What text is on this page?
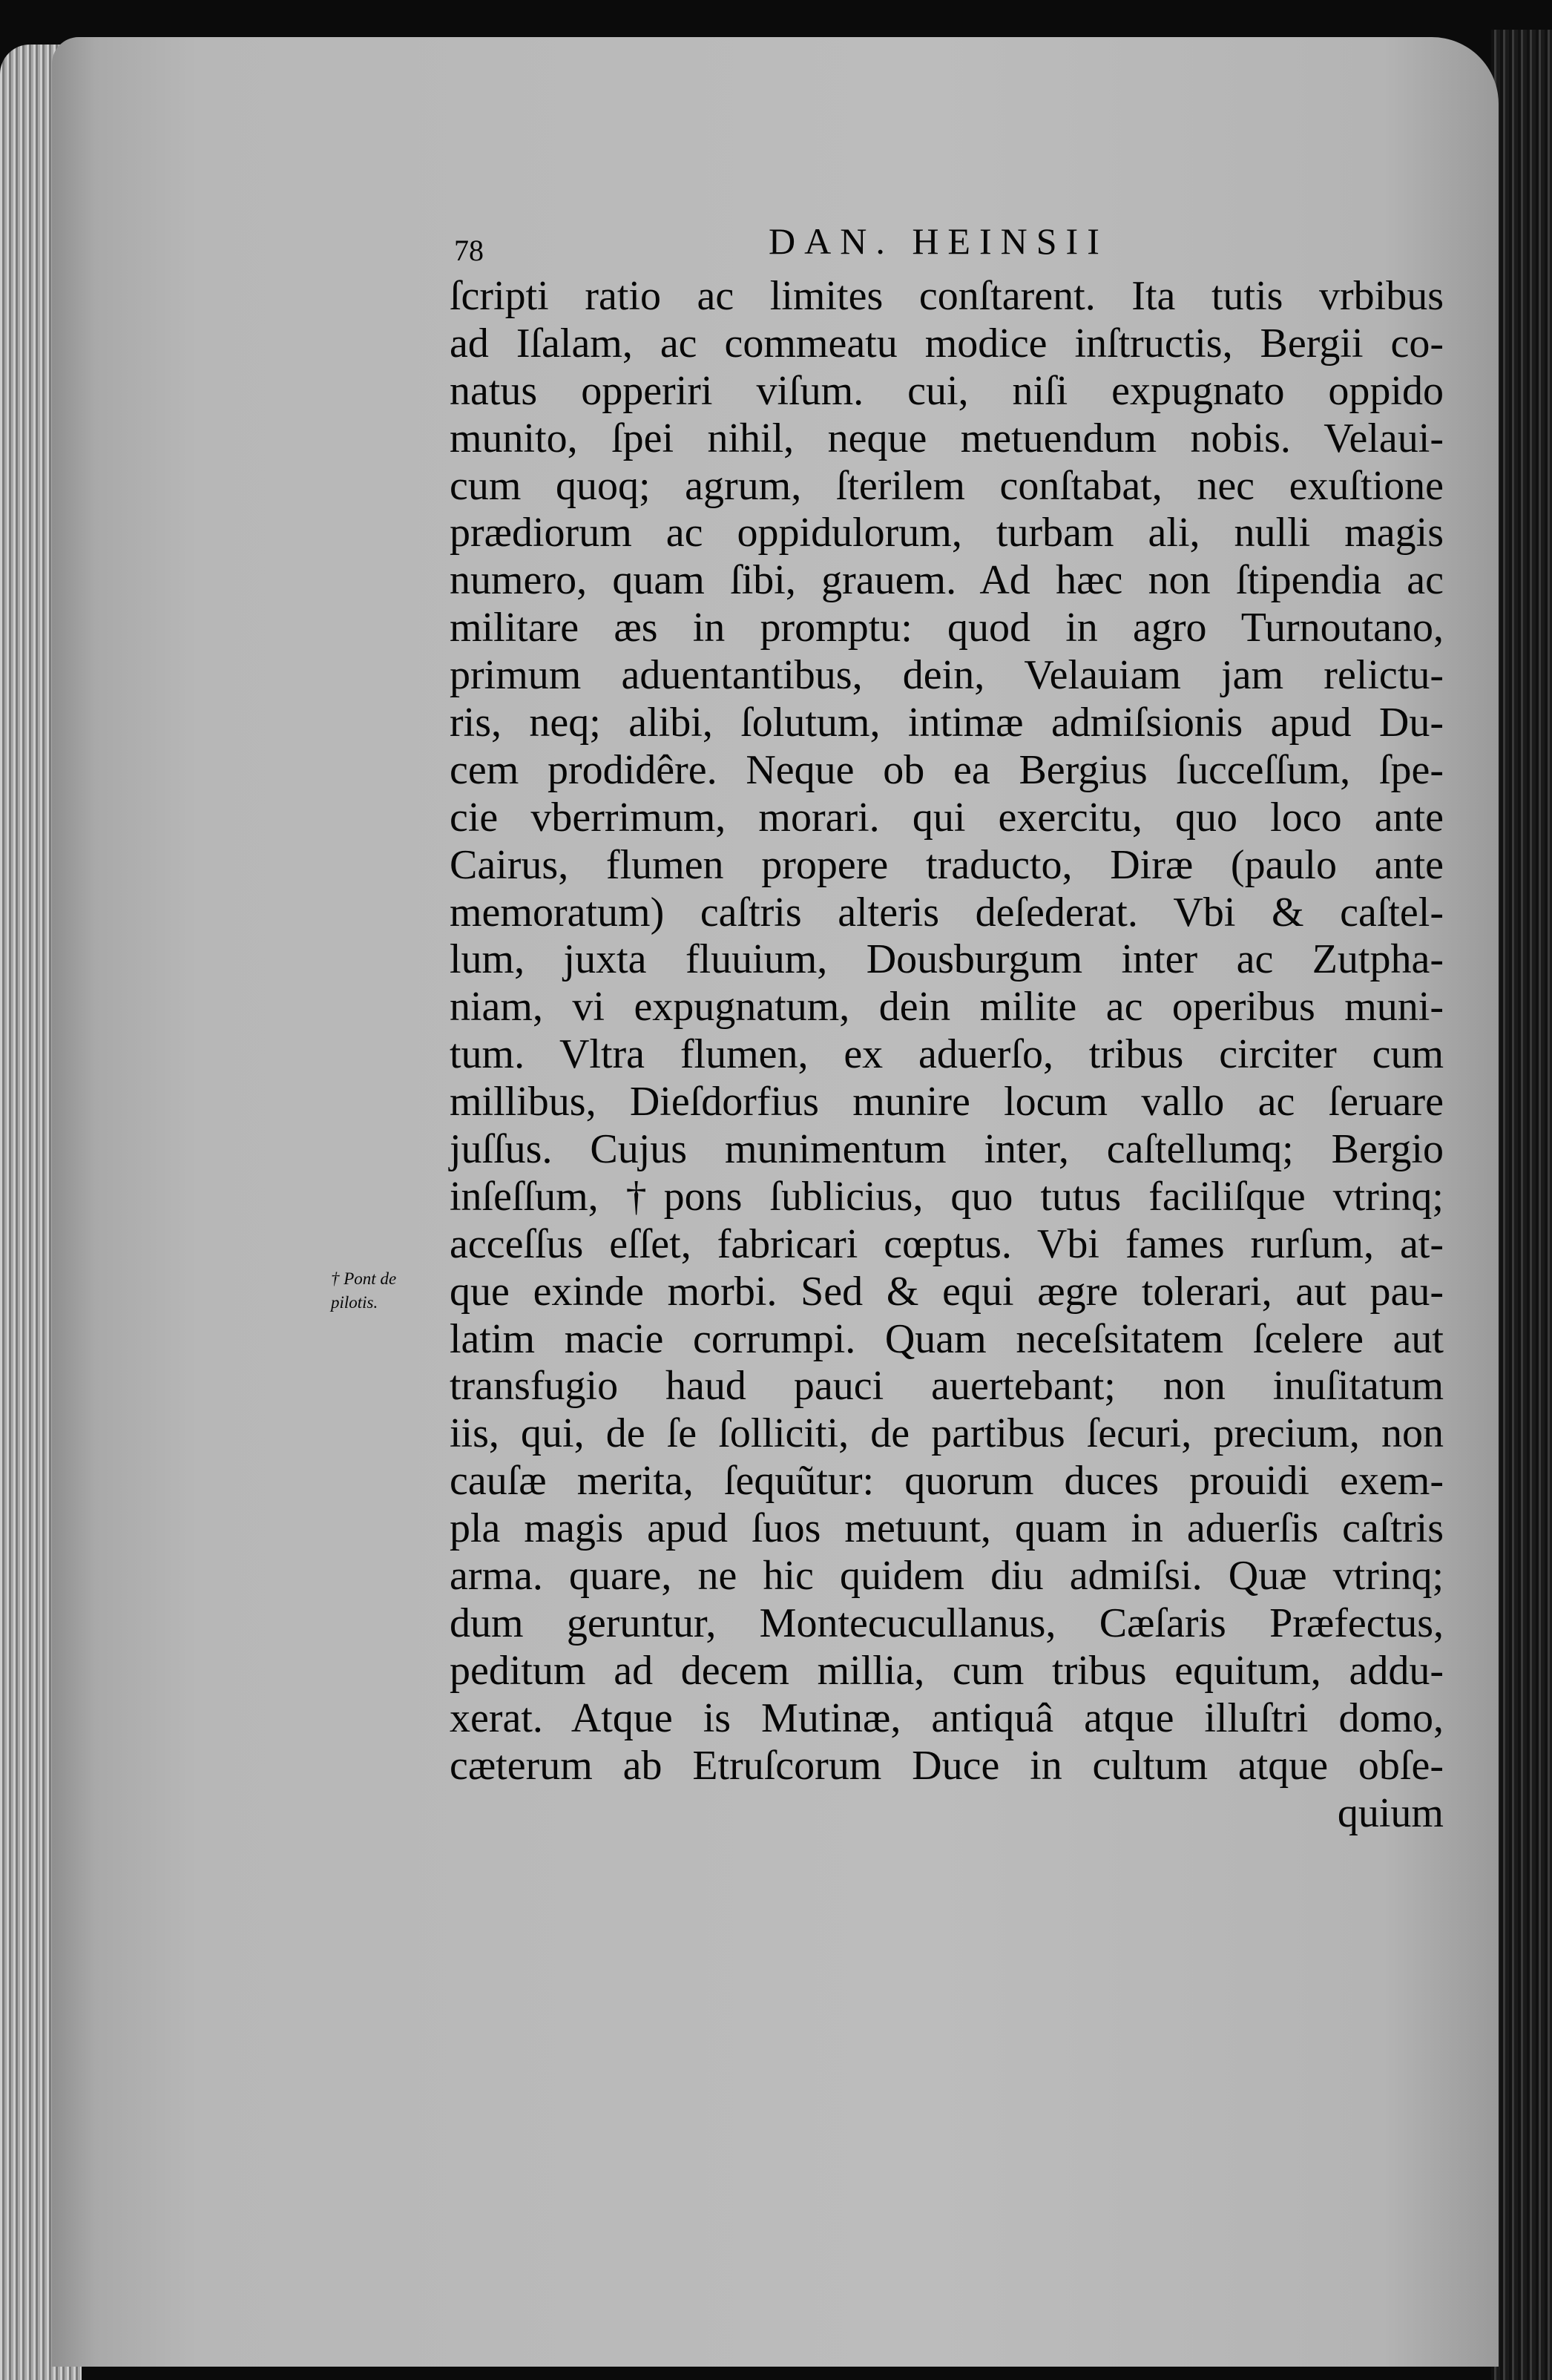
78	DAN. HEINSII
† Pont de
pilotis.
ſcripti ratio ac limites conſtarent. Ita tutis vrbibus
ad Iſalam, ac commeatu modice inſtructis, Bergii co-
natus opperiri viſum. cui, niſi expugnato oppido
munito, ſpei nihil, neque metuendum nobis. Velaui-
cum quoq; agrum, ſterilem conſtabat, nec exuſtione
prædiorum ac oppidulorum, turbam ali, nulli magis
numero, quam ſibi, grauem. Ad hæc non ſtipendia ac
militare æs in promptu: quod in agro Turnoutano,
primum aduentantibus, dein, Velauiam jam relictu-
ris, neq; alibi, ſolutum, intimæ admiſsionis apud Du-
cem prodidêre. Neque ob ea Bergius ſucceſſum, ſpe-
cie vberrimum, morari. qui exercitu, quo loco ante
Cairus, flumen propere traducto, Diræ (paulo ante
memoratum) caſtris alteris deſederat. Vbi & caſtel-
lum, juxta fluuium, Dousburgum inter ac Zutpha-
niam, vi expugnatum, dein milite ac operibus muni-
tum. Vltra flumen, ex aduerſo, tribus circiter cum
millibus, Dieſdorfius munire locum vallo ac ſeruare
juſſus. Cujus munimentum inter, caſtellumq; Bergio
inſeſſum, †pons ſublicius, quo tutus faciliſque vtrinq;
acceſſus eſſet, fabricari cœptus. Vbi fames rurſum, at-
que exinde morbi. Sed & equi ægre tolerari, aut pau-
latim macie corrumpi. Quam neceſsitatem ſcelere aut
transfugio haud pauci auertebant; non inuſitatum
iis, qui, de ſe ſolliciti, de partibus ſecuri, precium, non
cauſæ merita, ſequũtur: quorum duces prouidi exem-
pla magis apud ſuos metuunt, quam in aduerſis caſtris
arma. quare, ne hic quidem diu admiſsi. Quæ vtrinq;
dum geruntur, Montecucullanus, Cæſaris Præfectus,
peditum ad decem millia, cum tribus equitum, addu-
xerat. Atque is Mutinæ, antiquâ atque illuſtri domo,
cæterum ab Etruſcorum Duce in cultum atque obſe-
quium
